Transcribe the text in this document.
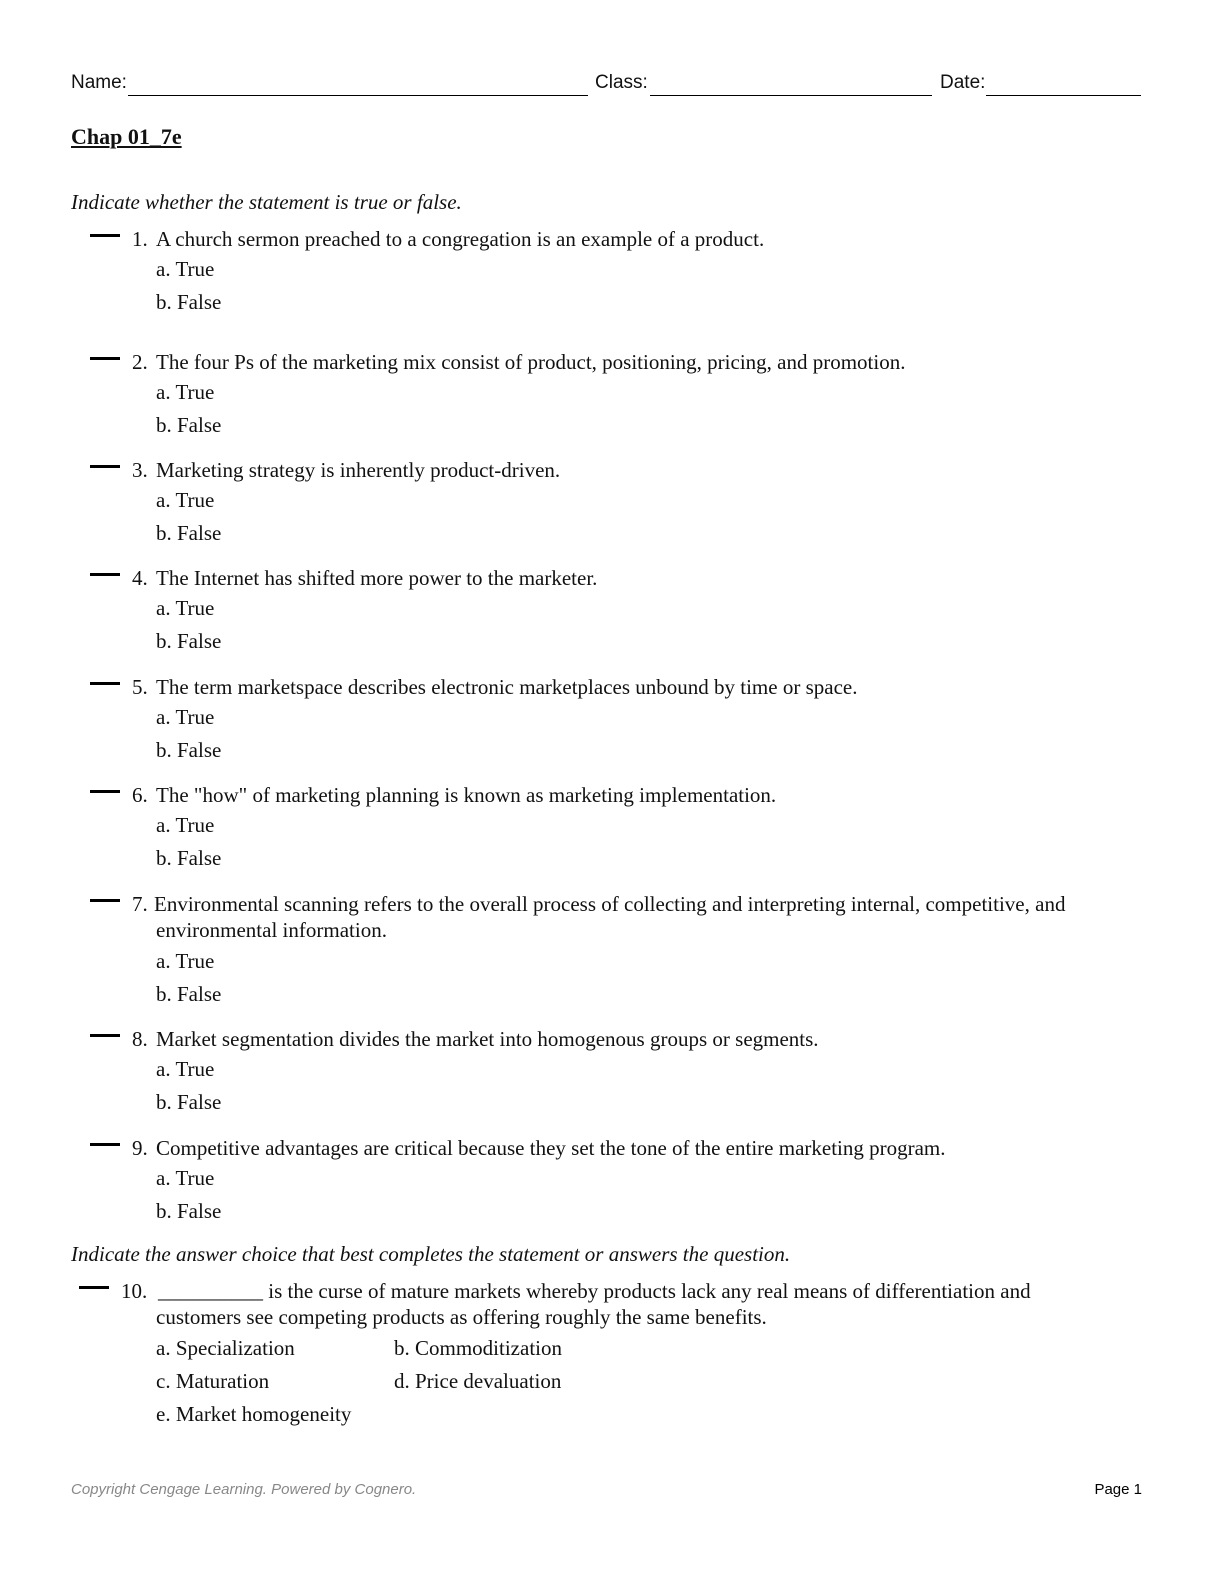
Name:	Class:	Date:
Chap 01_7e
Indicate whether the statement is true or false.
1. A church sermon preached to a congregation is an example of a product.
a. True
b. False
2. The four Ps of the marketing mix consist of product, positioning, pricing, and promotion.
a. True
b. False
3. Marketing strategy is inherently product-driven.
a. True
b. False
4. The Internet has shifted more power to the marketer.
a. True
b. False
5. The term marketspace describes electronic marketplaces unbound by time or space.
a. True
b. False
6. The "how" of marketing planning is known as marketing implementation.
a. True
b. False
7. Environmental scanning refers to the overall process of collecting and interpreting internal, competitive, and environmental information.
a. True
b. False
8. Market segmentation divides the market into homogenous groups or segments.
a. True
b. False
9. Competitive advantages are critical because they set the tone of the entire marketing program.
a. True
b. False
Indicate the answer choice that best completes the statement or answers the question.
10. __________ is the curse of mature markets whereby products lack any real means of differentiation and customers see competing products as offering roughly the same benefits.
a. Specialization	b. Commoditization
c. Maturation	d. Price devaluation
e. Market homogeneity
Copyright Cengage Learning. Powered by Cognero.	Page 1
